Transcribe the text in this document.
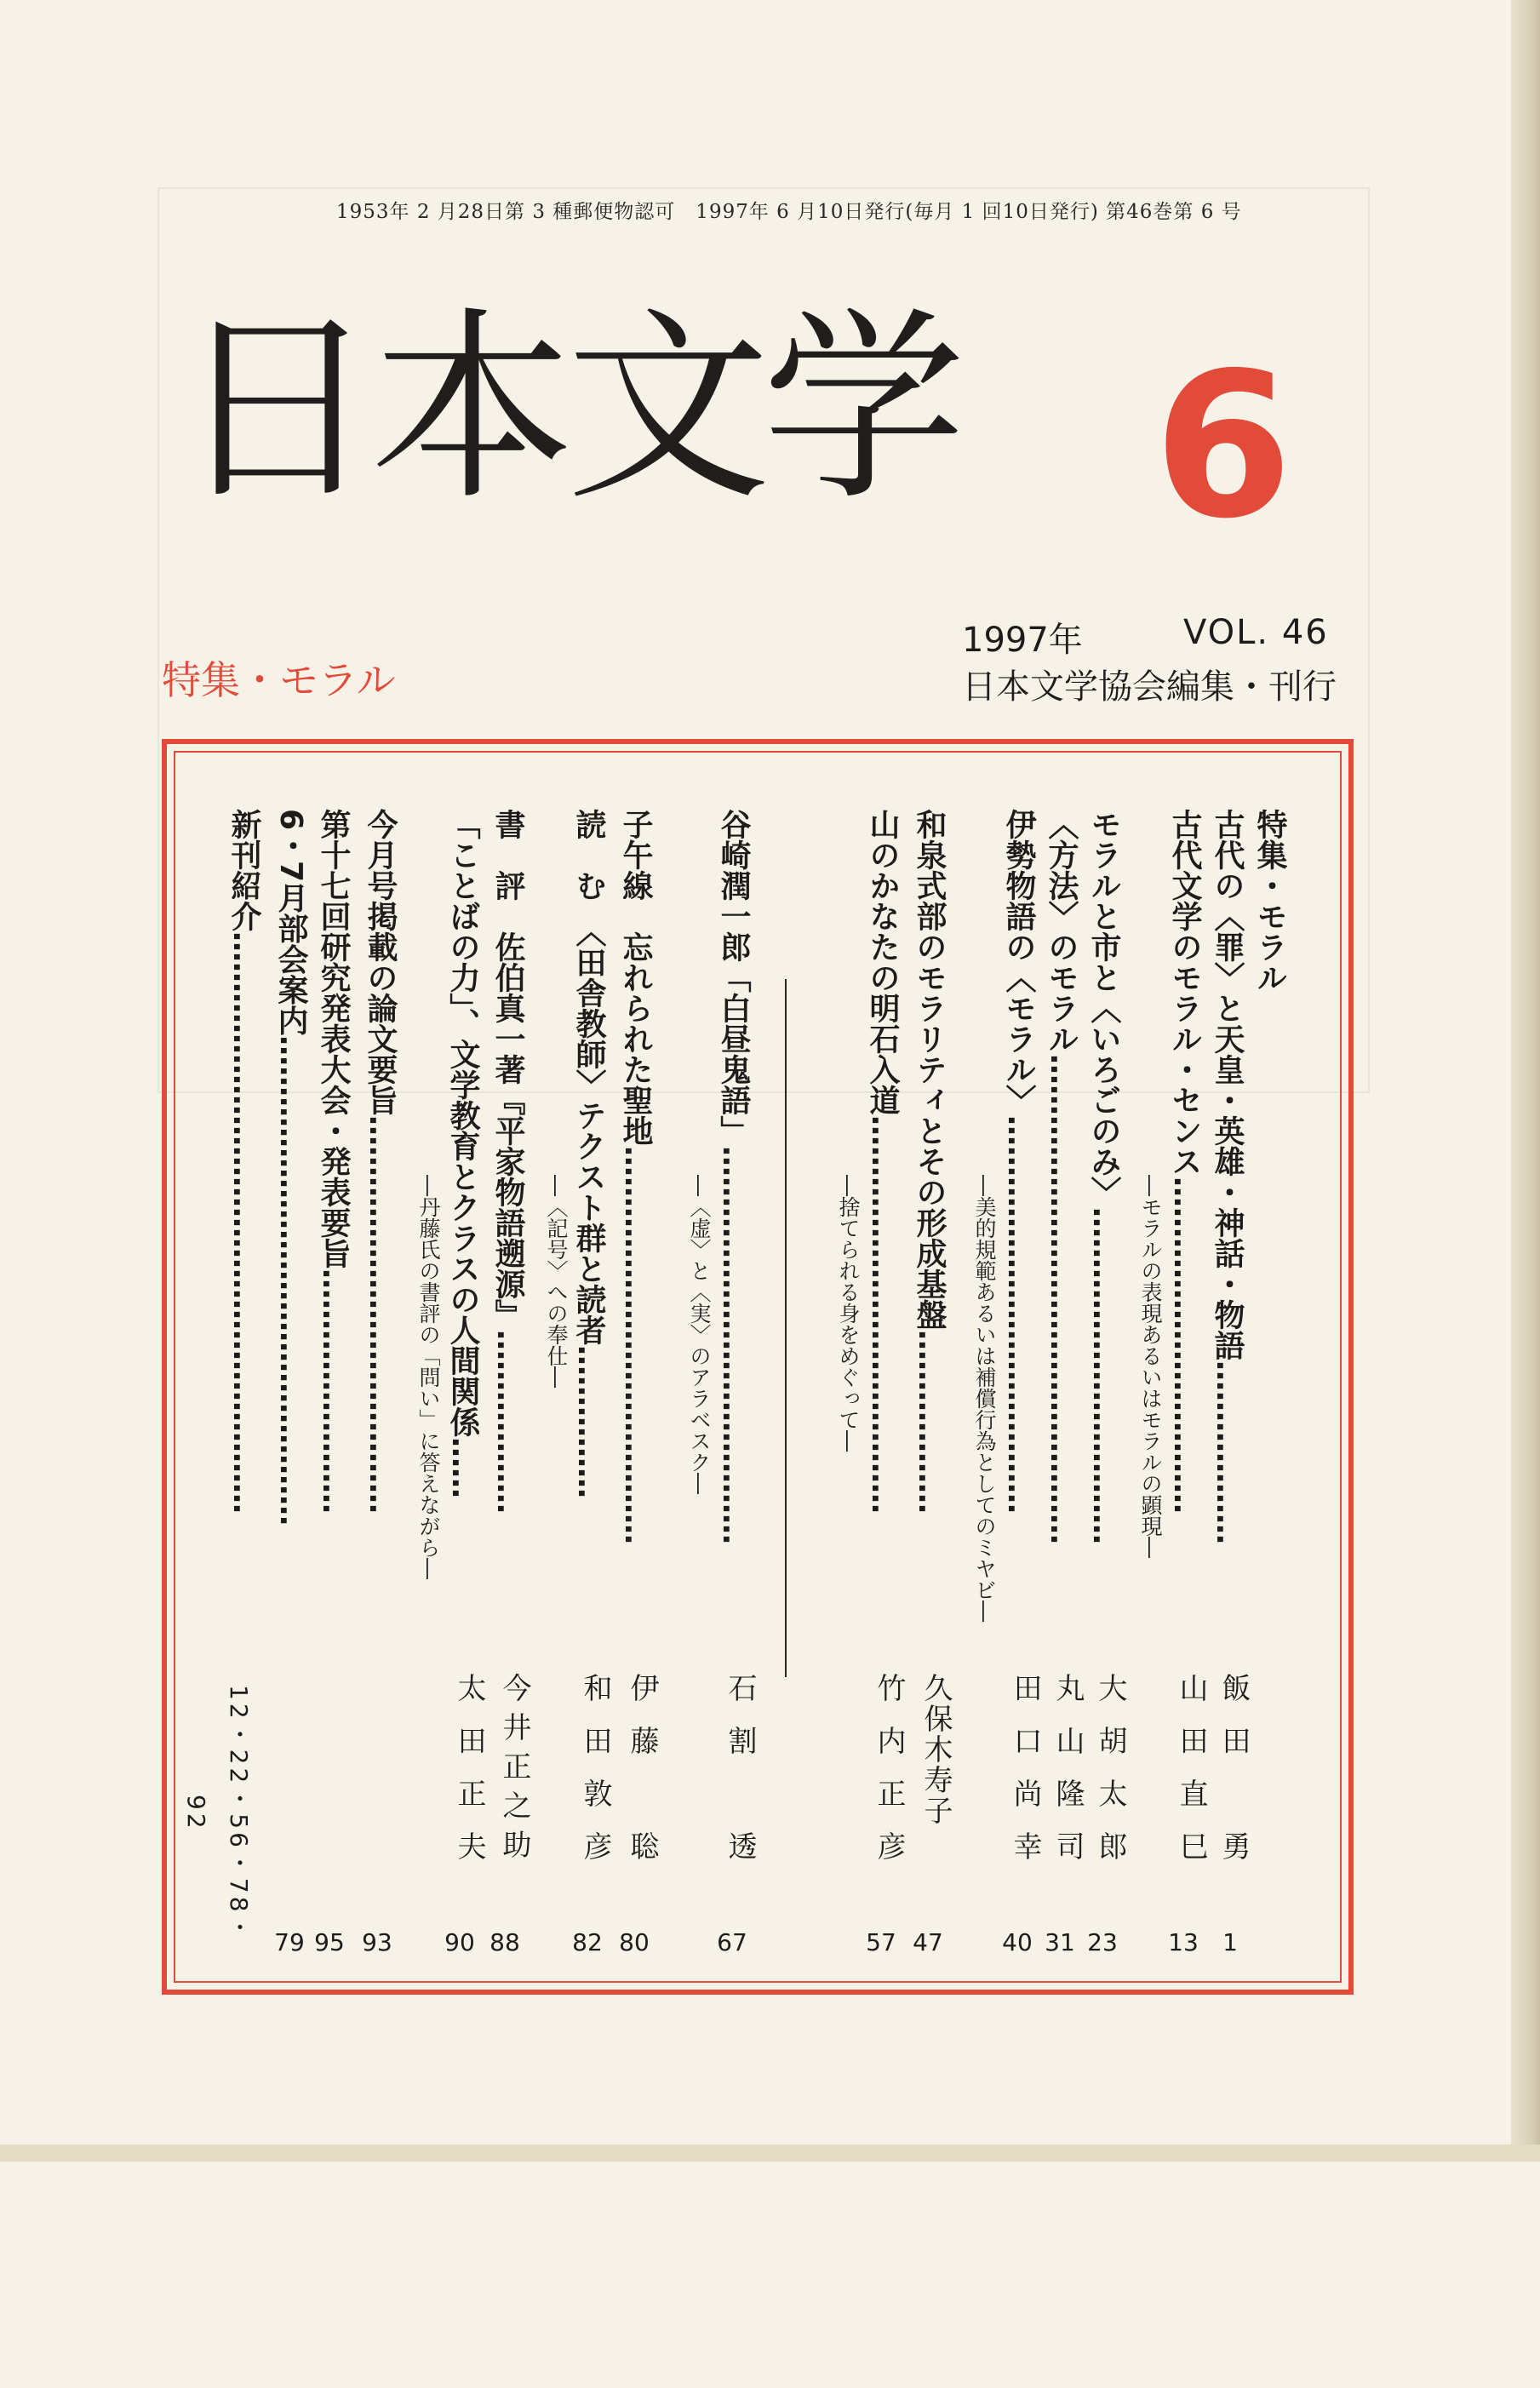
1953年 2 月28日第 3 種郵便物認可　1997年 6 月10日発行(毎月 1 回10日発行) 第46巻第 6 号
日本文学 6
1997年	VOL. 46
特集・モラル	日本文学協会編集・刊行
特集・モラル
古代の〈罪〉と天皇・英雄・神話・物語………………
古代文学のモラル・センス……………………………
―モラルの表現あるいはモラルの顕現―
モラルと市と〈いろごのみ〉……………………………
〈方法〉のモラル…………………………………………
伊勢物語の〈モラル〉…………………………………
―美的規範あるいは補償行為としてのミヤビ―
和泉式部のモラリティとその形成基盤………………
山のかなたの明石入道…………………………………
―捨てられる身をめぐって―
谷崎潤一郎「白昼鬼語」…………………………………
―〈虚〉と〈実〉のアラベスク―
子午線　忘れられた聖地…………………………………
読　む　〈田舎教師〉テクスト群と読者……………
―〈記号〉への奉仕―
書　評　佐伯真一著『平家物語遡源』………………
「ことばの力」、文学教育とクラスの人間関係……
―丹藤氏の書評の「問い」に答えながら―
今月号掲載の論文要旨…………………………………
第十七回研究発表大会・発表要旨……………………
6・7月部会案内…………………………………………
新刊紹介…………………………………………………
飯田　勇
山田直巳
大胡太郎
丸山隆司
田口尚幸
久保木寿子
竹内正彦
石割　透
伊藤　聡
和田敦彦
今井正之助
太田正夫
1
13
23
31
40
47
57
67
80
82
88
90
93
95
79
12・22・56・78・92
